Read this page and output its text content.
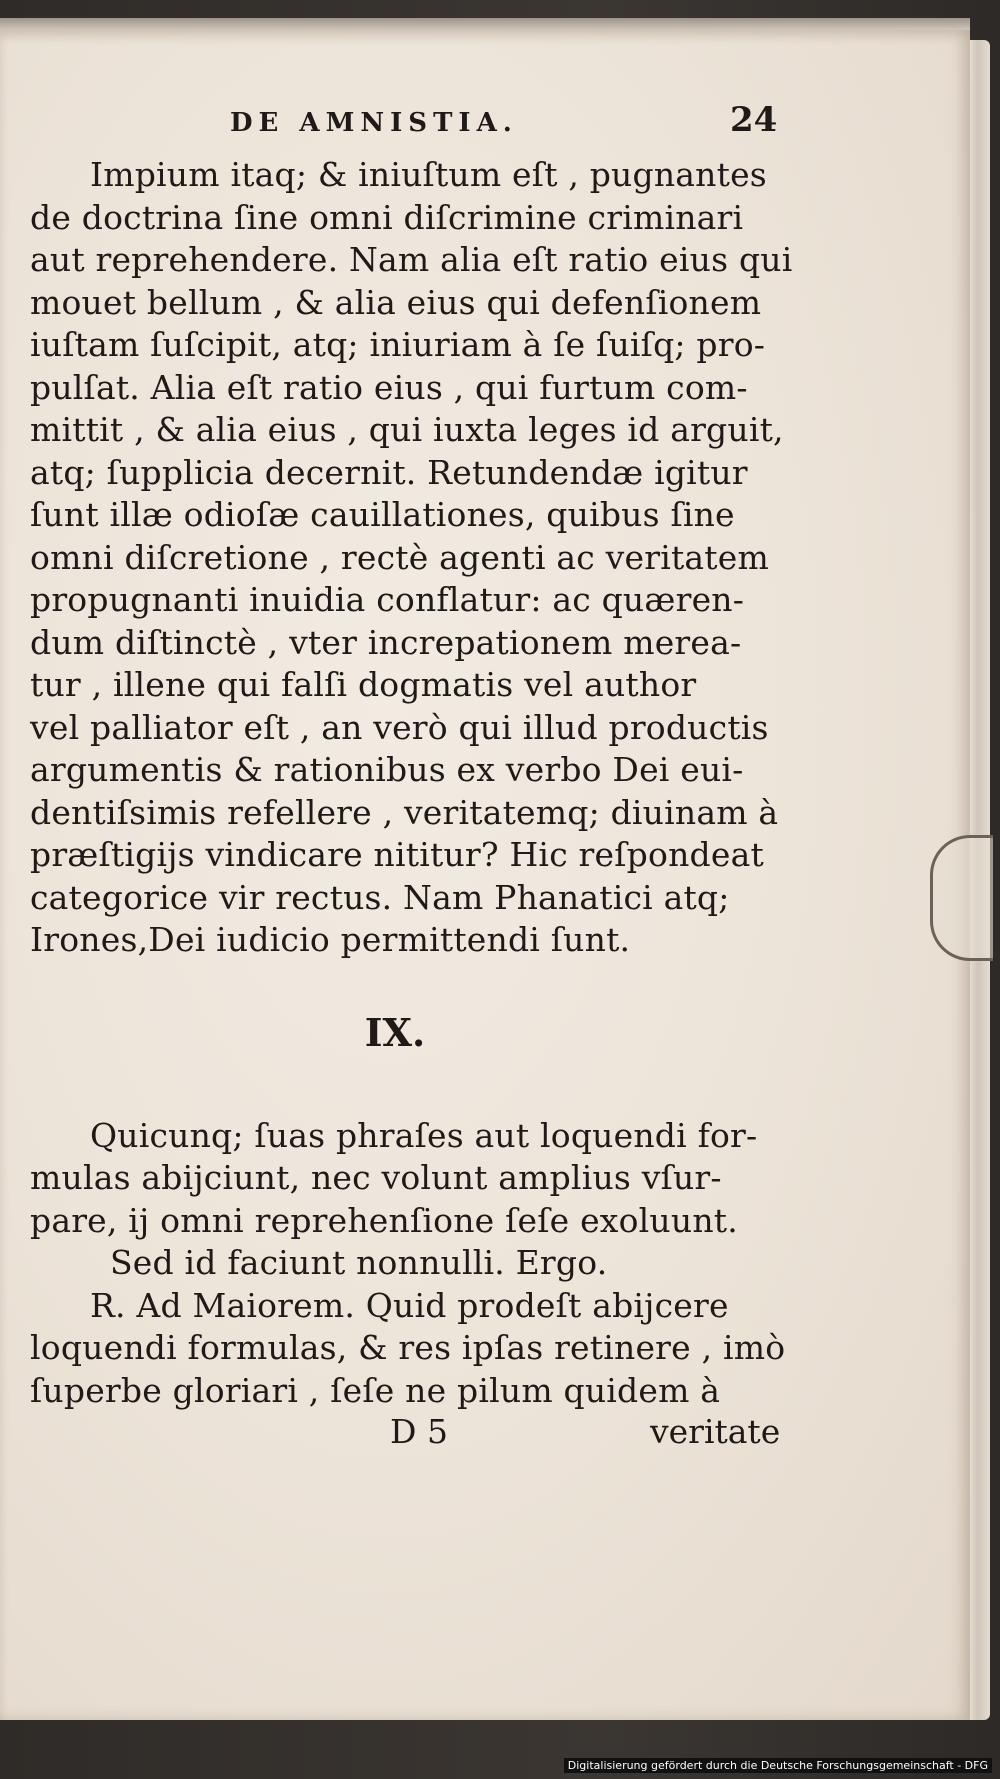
DE AMNISTIA.	24
Impium itaq; & iniuſtum eſt , pugnantes
de doctrina ſine omni diſcrimine criminari
aut reprehendere. Nam alia eſt ratio eius qui
mouet bellum , & alia eius qui defenſionem
iuſtam ſuſcipit, atq; iniuriam à ſe ſuiſq; pro-
pulſat. Alia eſt ratio eius , qui furtum com-
mittit , & alia eius , qui iuxta leges id arguit,
atq; ſupplicia decernit. Retundendæ igitur
ſunt illæ odioſæ cauillationes, quibus ſine
omni diſcretione , rectè agenti ac veritatem
propugnanti inuidia conflatur: ac quæren-
dum diſtinctè , vter increpationem merea-
tur , illene qui falſi dogmatis vel author
vel palliator eſt , an verò qui illud productis
argumentis & rationibus ex verbo Dei eui-
dentiſsimis refellere , veritatemq; diuinam à
præſtigijs vindicare nititur? Hic reſpondeat
categorice vir rectus. Nam Phanatici atq;
Irones,Dei iudicio permittendi ſunt.
IX.
Quicunq; ſuas phraſes aut loquendi for-
mulas abijciunt, nec volunt amplius vſur-
pare, ij omni reprehenſione ſeſe exoluunt.
Sed id faciunt nonnulli. Ergo.
R. Ad Maiorem. Quid prodeſt abijcere
loquendi formulas, & res ipſas retinere , imò
ſuperbe gloriari , ſeſe ne pilum quidem à
D 5	veritate
Digitalisierung gefördert durch die Deutsche Forschungsgemeinschaft - DFG
